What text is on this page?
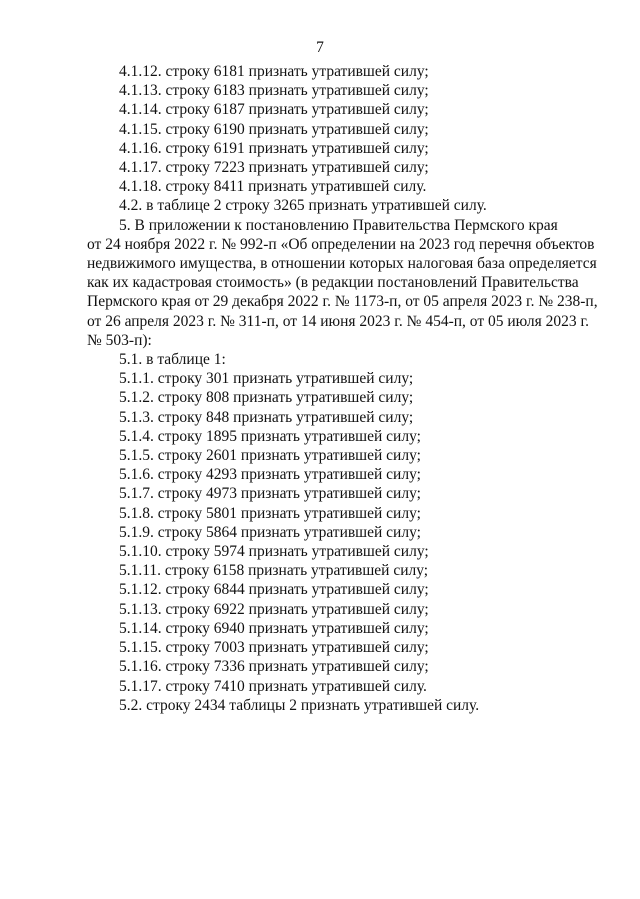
7

4.1.12. строку 6181 признать утратившей силу;

4.1.13. строку 6183 признать утратившей силу;

4.1.14. строку 6187 признать утратившей силу;

4.1.15. строку 6190 признать утратившей силу;

4.1.16. строку 6191 признать утратившей силу;

4.1.17. строку 7223 признать утратившей силу;

4.1.18. строку 8411 признать утратившей силу.

4.2. в таблице 2 строку 3265 признать утратившей силу.

5. В приложении к постановлению Правительства Пермского края
от 24 ноября 2022 г. № 992-п «Об определении на 2023 год перечня объектов
недвижимого имущества, в отношении которых налоговая база определяется
как их кадастровая стоимость» (в редакции постановлений Правительства
Пермского края от 29 декабря 2022 г. № 1173-п, от 05 апреля 2023 г. № 238-п,
от 26 апреля 2023 г. № 311-п, от 14 июня 2023 г. № 454-п, от 05 июля 2023 г.
№ 503-п):

5.1. в таблице 1:

5.1.1. строку 301 признать утратившей силу;

5.1.2. строку 808 признать утратившей силу;

5.1.3. строку 848 признать утратившей силу;

5.1.4. строку 1895 признать утратившей силу;

5.1.5. строку 2601 признать утратившей силу;

5.1.6. строку 4293 признать утратившей силу;

5.1.7. строку 4973 признать утратившей силу;

5.1.8. строку 5801 признать утратившей силу;

5.1.9. строку 5864 признать утратившей силу;

5.1.10. строку 5974 признать утратившей силу;

5.1.11. строку 6158 признать утратившей силу;

5.1.12. строку 6844 признать утратившей силу;

5.1.13. строку 6922 признать утратившей силу;

5.1.14. строку 6940 признать утратившей силу;

5.1.15. строку 7003 признать утратившей силу;

5.1.16. строку 7336 признать утратившей силу;

5.1.17. строку 7410 признать утратившей силу.

5.2. строку 2434 таблицы 2 признать утратившей силу.
